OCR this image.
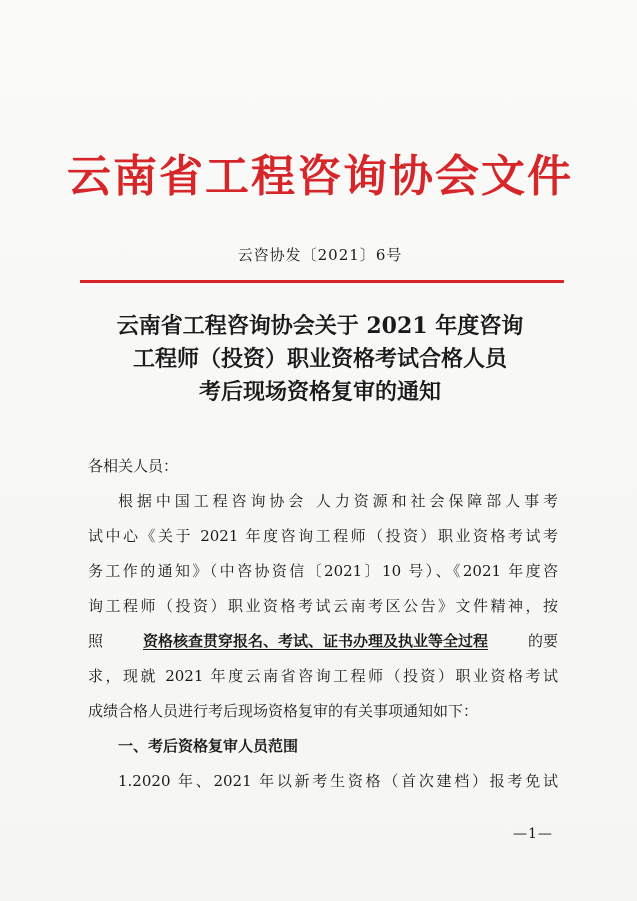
云南省工程咨询协会文件
云咨协发〔2021〕6号
云南省工程咨询协会关于 2021 年度咨询
工程师（投资）职业资格考试合格人员
考后现场资格复审的通知
各相关人员：
根据中国工程咨询协会 人力资源和社会保障部人事考
试中心《关于 2021 年度咨询工程师（投资）职业资格考试考
务工作的通知》（中咨协资信〔2021〕10 号）、《2021 年度咨
询工程师（投资）职业资格考试云南考区公告》文件精神，按
照	资格核查贯穿报名、考试、证书办理及执业等全过程	的要
求，现就 2021 年度云南省咨询工程师（投资）职业资格考试
成绩合格人员进行考后现场资格复审的有关事项通知如下：
一、考后资格复审人员范围
1.2020 年、2021 年以新考生资格（首次建档）报考免试
—1—
